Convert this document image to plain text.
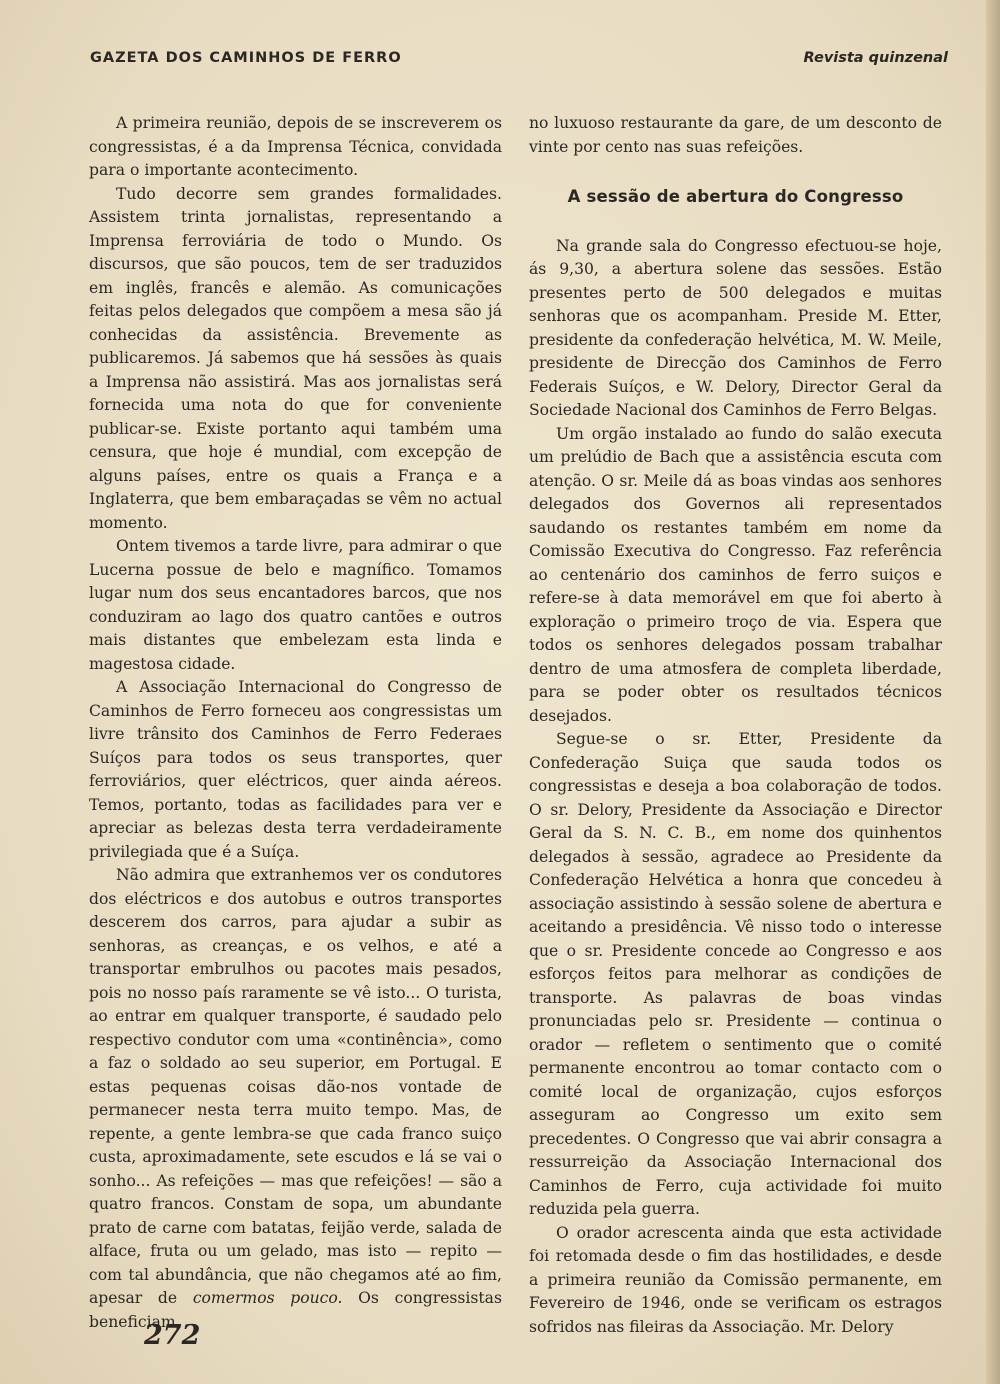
GAZETA DOS CAMINHOS DE FERRO	Revista quinzenal

A primeira reunião, depois de se inscreverem os congressistas, é a da Imprensa Técnica, convidada para o importante acontecimento.

Tudo decorre sem grandes formalidades. Assistem trinta jornalistas, representando a Imprensa ferroviária de todo o Mundo. Os discursos, que são poucos, tem de ser traduzidos em inglês, francês e alemão. As comunicações feitas pelos delegados que compõem a mesa são já conhecidas da assistência. Brevemente as publicaremos. Já sabemos que há sessões às quais a Imprensa não assistirá. Mas aos jornalistas será fornecida uma nota do que for conveniente publicar-se. Existe portanto aqui também uma censura, que hoje é mundial, com excepção de alguns países, entre os quais a França e a Inglaterra, que bem embaraçadas se vêm no actual momento.

Ontem tivemos a tarde livre, para admirar o que Lucerna possue de belo e magnífico. Tomamos lugar num dos seus encantadores barcos, que nos conduziram ao lago dos quatro cantões e outros mais distantes que embelezam esta linda e magestosa cidade.

A Associação Internacional do Congresso de Caminhos de Ferro forneceu aos congressistas um livre trânsito dos Caminhos de Ferro Federaes Suíços para todos os seus transportes, quer ferroviários, quer eléctricos, quer ainda aéreos. Temos, portanto, todas as facilidades para ver e apreciar as belezas desta terra verdadeiramente privilegiada que é a Suíça.

Não admira que extranhemos ver os condutores dos eléctricos e dos autobus e outros transportes descerem dos carros, para ajudar a subir as senhoras, as creanças, e os velhos, e até a transportar embrulhos ou pacotes mais pesados, pois no nosso país raramente se vê isto... O turista, ao entrar em qualquer transporte, é saudado pelo respectivo condutor com uma «continência», como a faz o soldado ao seu superior, em Portugal. E estas pequenas coisas dão-nos vontade de permanecer nesta terra muito tempo. Mas, de repente, a gente lembra-se que cada franco suiço custa, aproximadamente, sete escudos e lá se vai o sonho... As refeições — mas que refeições! — são a quatro francos. Constam de sopa, um abundante prato de carne com batatas, feijão verde, salada de alface, fruta ou um gelado, mas isto — repito — com tal abundância, que não chegamos até ao fim, apesar de comermos pouco. Os congressistas beneficiam,

no luxuoso restaurante da gare, de um desconto de vinte por cento nas suas refeições.

A sessão de abertura do Congresso

Na grande sala do Congresso efectuou-se hoje, ás 9,30, a abertura solene das sessões. Estão presentes perto de 500 delegados e muitas senhoras que os acompanham. Preside M. Etter, presidente da confederação helvética, M. W. Meile, presidente de Direcção dos Caminhos de Ferro Federais Suíços, e W. Delory, Director Geral da Sociedade Nacional dos Caminhos de Ferro Belgas.

Um orgão instalado ao fundo do salão executa um prelúdio de Bach que a assistência escuta com atenção. O sr. Meile dá as boas vindas aos senhores delegados dos Governos ali representados saudando os restantes também em nome da Comissão Executiva do Congresso. Faz referência ao centenário dos caminhos de ferro suiços e refere-se à data memorável em que foi aberto à exploração o primeiro troço de via. Espera que todos os senhores delegados possam trabalhar dentro de uma atmosfera de completa liberdade, para se poder obter os resultados técnicos desejados.

Segue-se o sr. Etter, Presidente da Confederação Suiça que sauda todos os congressistas e deseja a boa colaboração de todos. O sr. Delory, Presidente da Associação e Director Geral da S. N. C. B., em nome dos quinhentos delegados à sessão, agradece ao Presidente da Confederação Helvética a honra que concedeu à associação assistindo à sessão solene de abertura e aceitando a presidência. Vê nisso todo o interesse que o sr. Presidente concede ao Congresso e aos esforços feitos para melhorar as condições de transporte. As palavras de boas vindas pronunciadas pelo sr. Presidente — continua o orador — refletem o sentimento que o comité permanente encontrou ao tomar contacto com o comité local de organização, cujos esforços asseguram ao Congresso um exito sem precedentes. O Congresso que vai abrir consagra a ressurreição da Associação Internacional dos Caminhos de Ferro, cuja actividade foi muito reduzida pela guerra.

O orador acrescenta ainda que esta actividade foi retomada desde o fim das hostilidades, e desde a primeira reunião da Comissão permanente, em Fevereiro de 1946, onde se verificam os estragos sofridos nas fileiras da Associação. Mr. Delory

272
